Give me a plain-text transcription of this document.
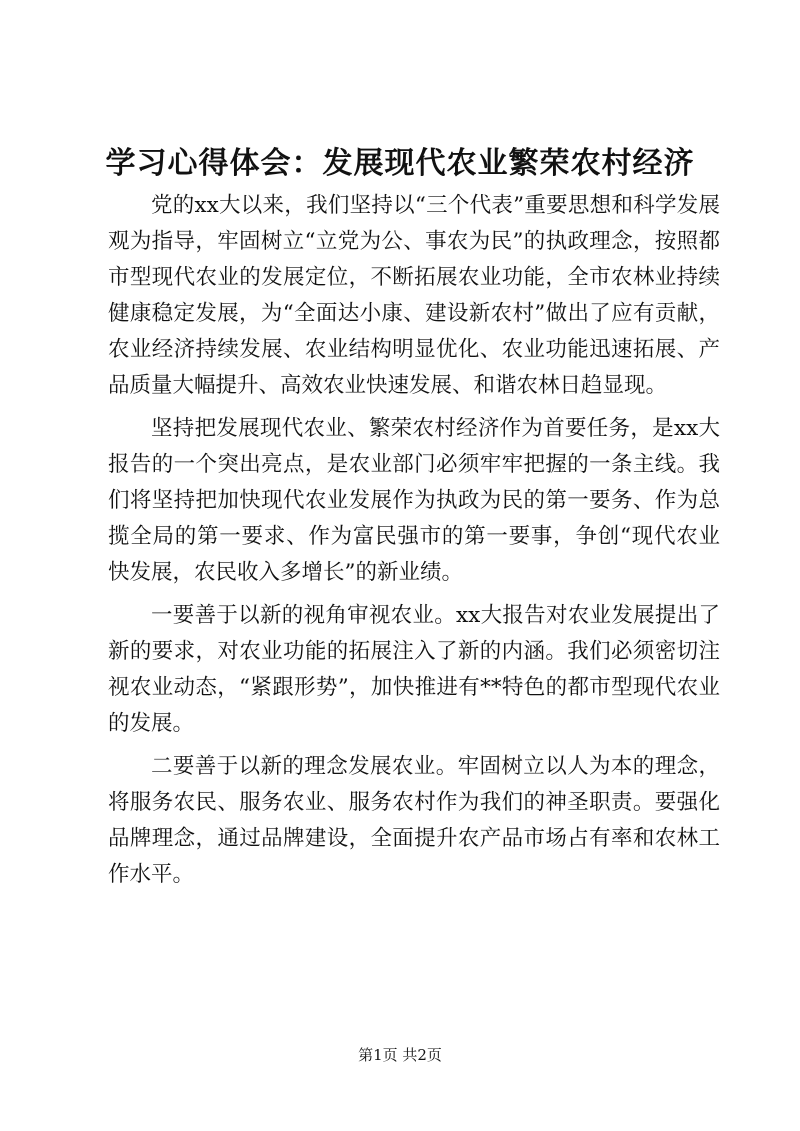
学习心得体会：发展现代农业繁荣农村经济

党的xx大以来，我们坚持以“三个代表”重要思想和科学发展观为指导，牢固树立“立党为公、事农为民”的执政理念，按照都市型现代农业的发展定位，不断拓展农业功能，全市农林业持续健康稳定发展，为“全面达小康、建设新农村”做出了应有贡献，农业经济持续发展、农业结构明显优化、农业功能迅速拓展、产品质量大幅提升、高效农业快速发展、和谐农林日趋显现。

坚持把发展现代农业、繁荣农村经济作为首要任务，是xx大报告的一个突出亮点，是农业部门必须牢牢把握的一条主线。我们将坚持把加快现代农业发展作为执政为民的第一要务、作为总揽全局的第一要求、作为富民强市的第一要事，争创“现代农业快发展，农民收入多增长”的新业绩。

一要善于以新的视角审视农业。xx大报告对农业发展提出了新的要求，对农业功能的拓展注入了新的内涵。我们必须密切注视农业动态，“紧跟形势”，加快推进有**特色的都市型现代农业的发展。

二要善于以新的理念发展农业。牢固树立以人为本的理念，将服务农民、服务农业、服务农村作为我们的神圣职责。要强化品牌理念，通过品牌建设，全面提升农产品市场占有率和农林工作水平。

第1页 共2页
